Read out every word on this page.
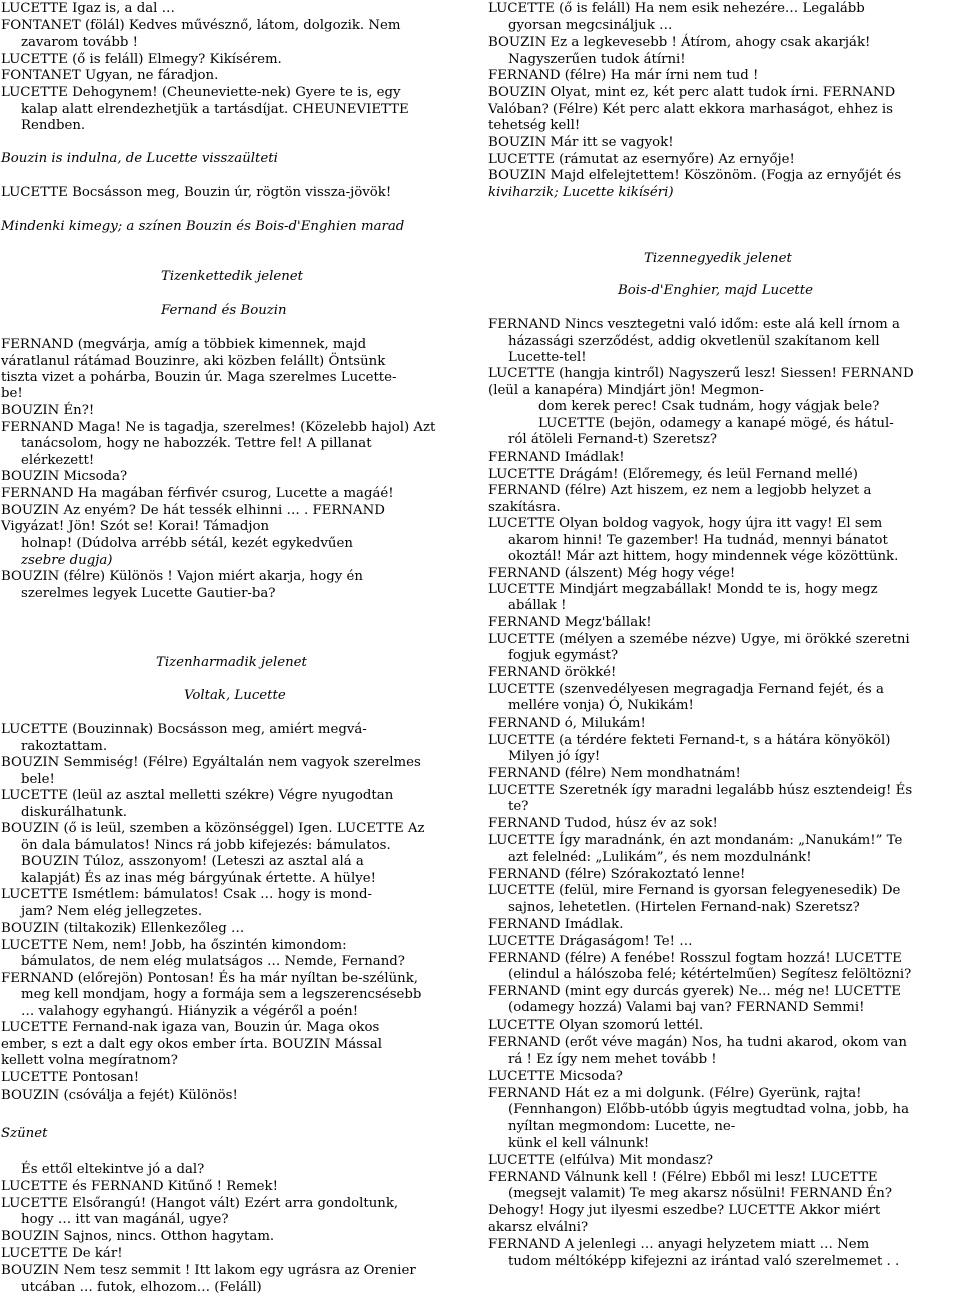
LUCETTE Igaz is, a dal …

FONTANET (fölál) Kedves művésznő, látom, dolgozik. Nem

zavarom tovább !

LUCETTE (ő is feláll) Elmegy? Kikísérem.

FONTANET Ugyan, ne fáradjon.

LUCETTE Dehogynem! (Cheuneviette-nek) Gyere te is, egy

kalap alatt elrendezhetjük a tartásdíjat. CHEUNEVIETTE

Rendben.

Bouzin is indulna, de Lucette visszaülteti

LUCETTE Bocsásson meg, Bouzin úr, rögtön vissza-jövök!

Mindenki kimegy; a színen Bouzin és Bois-d'Enghien marad

Tizenkettedik jelenet

Fernand és Bouzin

FERNAND (megvárja, amíg a többiek kimennek, majd

váratlanul rátámad Bouzinre, aki közben felállt) Öntsünk

tiszta vizet a pohárba, Bouzin úr. Maga szerelmes Lucette-

be!

BOUZIN Én?!

FERNAND Maga! Ne is tagadja, szerelmes! (Közelebb hajol) Azt

tanácsolom, hogy ne habozzék. Tettre fel! A pillanat

elérkezett!

BOUZIN Micsoda?

FERNAND Ha magában férfivér csurog, Lucette a magáé!

BOUZIN Az enyém? De hát tessék elhinni … . FERNAND

Vigyázat! Jön! Szót se! Korai! Támadjon

holnap! (Dúdolva arrébb sétál, kezét egykedvűen

zsebre dugja)

BOUZIN (félre) Különös ! Vajon miért akarja, hogy én

szerelmes legyek Lucette Gautier-ba?

Tizenharmadik jelenet

Voltak, Lucette

LUCETTE (Bouzinnak) Bocsásson meg, amiért megvá-

rakoztattam.

BOUZIN Semmiség! (Félre) Egyáltalán nem vagyok szerelmes

bele!

LUCETTE (leül az asztal melletti székre) Végre nyugodtan

diskurálhatunk.

BOUZIN (ő is leül, szemben a közönséggel) Igen. LUCETTE Az

ön dala bámulatos! Nincs rá jobb kifejezés: bámulatos.

BOUZIN Túloz, asszonyom! (Leteszi az asztal alá a

kalapját) És az inas még bárgyúnak értette. A hülye!

LUCETTE Ismétlem: bámulatos! Csak … hogy is mond-

jam? Nem elég jellegzetes.

BOUZIN (tiltakozik) Ellenkezőleg …

LUCETTE Nem, nem! Jobb, ha őszintén kimondom:

bámulatos, de nem elég mulatságos … Nemde, Fernand?

FERNAND (előrejön) Pontosan! És ha már nyíltan be-szélünk,

meg kell mondjam, hogy a formája sem a legszerencsésebb

… valahogy egyhangú. Hiányzik a végéről a poén!

LUCETTE Fernand-nak igaza van, Bouzin úr. Maga okos

ember, s ezt a dalt egy okos ember írta. BOUZIN Mással

kellett volna megíratnom?

LUCETTE Pontosan!

BOUZIN (csóválja a fejét) Különös!

Szünet

És ettől eltekintve jó a dal?

LUCETTE és FERNAND Kitűnő ! Remek!

LUCETTE Elsőrangú! (Hangot vált) Ezért arra gondoltunk,

hogy … itt van magánál, ugye?

BOUZIN Sajnos, nincs. Otthon hagytam.

LUCETTE De kár!

BOUZIN Nem tesz semmit ! Itt lakom egy ugrásra az Orenier

utcában … futok, elhozom… (Feláll)

LUCETTE (ő is feláll) Ha nem esik nehezére… Legalább

gyorsan megcsináljuk …

BOUZIN Ez a legkevesebb ! Átírom, ahogy csak akarják!

Nagyszerűen tudok átírni!

FERNAND (félre) Ha már írni nem tud !

BOUZIN Olyat, mint ez, két perc alatt tudok írni. FERNAND

Valóban? (Félre) Két perc alatt ekkora marhaságot, ehhez is

tehetség kell!

BOUZIN Már itt se vagyok!

LUCETTE (rámutat az esernyőre) Az ernyője!

BOUZIN Majd elfelejtettem! Köszönöm. (Fogja az ernyőjét és

kiviharzik; Lucette kikíséri)

Tizennegyedik jelenet

Bois-d'Enghier, majd Lucette

FERNAND Nincs vesztegetni való időm: este alá kell írnom a

házassági szerződést, addig okvetlenül szakítanom kell

Lucette-tel!

LUCETTE (hangja kintről) Nagyszerű lesz! Siessen! FERNAND

(leül a kanapéra) Mindjárt jön! Megmon-

dom kerek perec! Csak tudnám, hogy vágjak bele?

LUCETTE (bejön, odamegy a kanapé mögé, és hátul-

ról átöleli Fernand-t) Szeretsz?

FERNAND Imádlak!

LUCETTE Drágám! (Előremegy, és leül Fernand mellé)

FERNAND (félre) Azt hiszem, ez nem a legjobb helyzet a

szakításra.

LUCETTE Olyan boldog vagyok, hogy újra itt vagy! El sem

akarom hinni! Te gazember! Ha tudnád, mennyi bánatot

okoztál! Már azt hittem, hogy mindennek vége közöttünk.

FERNAND (álszent) Még hogy vége!

LUCETTE Mindjárt megzabállak! Mondd te is, hogy megz

abállak !

FERNAND Megz'bállak!

LUCETTE (mélyen a szemébe nézve) Ugye, mi örökké szeretni

fogjuk egymást?

FERNAND örökké!

LUCETTE (szenvedélyesen megragadja Fernand fejét, és a

mellére vonja) Ó, Nukikám!

FERNAND ó, Milukám!

LUCETTE (a térdére fekteti Fernand-t, s a hátára könyököl)

Milyen jó így!

FERNAND (félre) Nem mondhatnám!

LUCETTE Szeretnék így maradni legalább húsz esztendeig! És

te?

FERNAND Tudod, húsz év az sok!

LUCETTE Így maradnánk, én azt mondanám: „Nanukám!” Te

azt felelnéd: „Lulikám”, és nem mozdulnánk!

FERNAND (félre) Szórakoztató lenne!

LUCETTE (felül, mire Fernand is gyorsan felegyenesedik) De

sajnos, lehetetlen. (Hirtelen Fernand-nak) Szeretsz?

FERNAND Imádlak.

LUCETTE Drágaságom! Te! …

FERNAND (félre) A fenébe! Rosszul fogtam hozzá! LUCETTE

(elindul a hálószoba felé; kétértelműen) Segítesz felöltözni?

FERNAND (mint egy durcás gyerek) Ne... még ne! LUCETTE

(odamegy hozzá) Valami baj van? FERNAND Semmi!

LUCETTE Olyan szomorú lettél.

FERNAND (erőt véve magán) Nos, ha tudni akarod, okom van

rá ! Ez így nem mehet tovább !

LUCETTE Micsoda?

FERNAND Hát ez a mi dolgunk. (Félre) Gyerünk, rajta!

(Fennhangon) Előbb-utóbb úgyis megtudtad volna, jobb, ha

nyíltan megmondom: Lucette, ne-

künk el kell válnunk!

LUCETTE (elfúlva) Mit mondasz?

FERNAND Válnunk kell ! (Félre) Ebből mi lesz! LUCETTE

(megsejt valamit) Te meg akarsz nősülni! FERNAND Én?

Dehogy! Hogy jut ilyesmi eszedbe? LUCETTE Akkor miért

akarsz elválni?

FERNAND A jelenlegi … anyagi helyzetem miatt … Nem

tudom méltóképp kifejezni az irántad való szerelmemet . .
